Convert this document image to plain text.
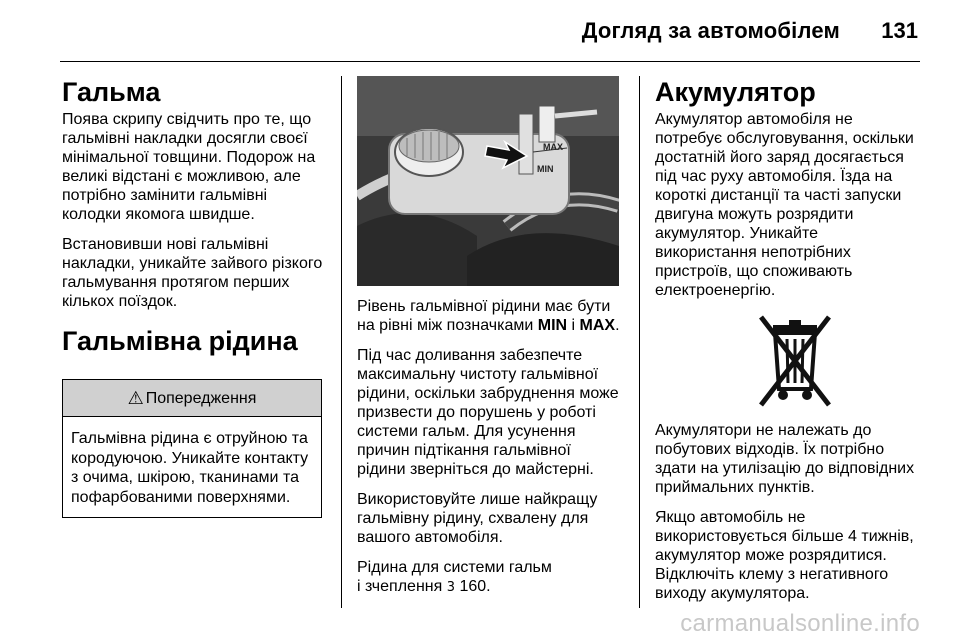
Догляд за автомобілем 131
Гальма

Поява скрипу свідчить про те, що
гальмівні накладки досягли своєї
мінімальної товщини. Подорож на
великі відстані є можливою, але
потрібно замінити гальмівні
колодки якомога швидше.

Встановивши нові гальмівні
накладки, уникайте зайвого різкого
гальмування протягом перших
кількох поїздок.

Гальмівна рідина
⚠ Попередження
Гальмівна рідина є отруйною та
кородуючою. Уникайте контакту
з очима, шкірою, тканинами та
пофарбованими поверхнями.
MAX
MIN

Рівень гальмівної рідини має бути
на рівні між позначками MIN і MAX.

Під час доливання забезпечте
максимальну чистоту гальмівної
рідини, оскільки забруднення може
призвести до порушень у роботі
системи гальм. Для усунення
причин підтікання гальмівної
рідини зверніться до майстерні.

Використовуйте лише найкращу
гальмівну рідину, схвалену для
вашого автомобіля.

Рідина для системи гальм
і зчеплення 3 160.

Акумулятор

Акумулятор автомобіля не
потребує обслуговування, оскільки
достатній його заряд досягається
під час руху автомобіля. Їзда на
короткі дистанції та часті запуски
двигуна можуть розрядити
акумулятор. Уникайте
використання непотрібних
пристроїв, що споживають
електроенергію.

Акумулятори не належать до
побутових відходів. Їх потрібно
здати на утилізацію до відповідних
приймальних пунктів.

Якщо автомобіль не
використовується більше 4 тижнів,
акумулятор може розрядитися.
Відключіть клему з негативного
виходу акумулятора.

carmanualsonline.info
